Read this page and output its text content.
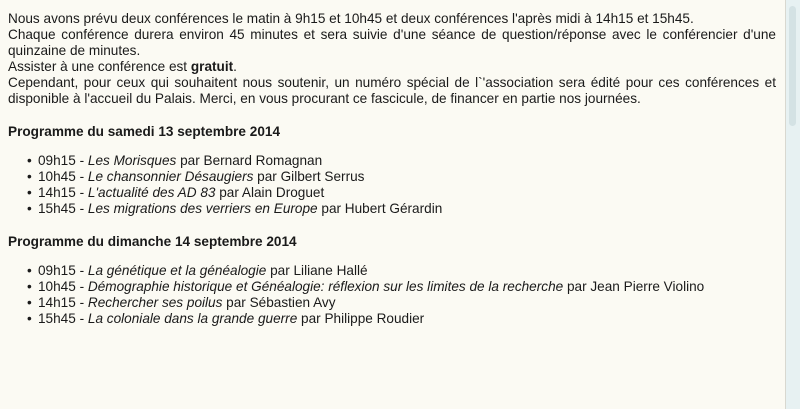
Nous avons prévu deux conférences le matin à 9h15 et 10h45 et deux conférences l'après midi à 14h15 et 15h45.
Chaque conférence durera environ 45 minutes et sera suivie d'une séance de question/réponse avec le conférencier d'une quinzaine de minutes.
Assister à une conférence est gratuit.
Cependant, pour ceux qui souhaitent nous soutenir, un numéro spécial de l`'association sera édité pour ces conférences et disponible à l'accueil du Palais. Merci, en vous procurant ce fascicule, de financer en partie nos journées.

Programme du samedi 13 septembre 2014
• 09h15 - Les Morisques par Bernard Romagnan
• 10h45 - Le chansonnier Désaugiers par Gilbert Serrus
• 14h15 - L'actualité des AD 83 par Alain Droguet
• 15h45 - Les migrations des verriers en Europe par Hubert Gérardin
Programme du dimanche 14 septembre 2014
• 09h15 - La génétique et la généalogie par Liliane Hallé
• 10h45 - Démographie historique et Généalogie: réflexion sur les limites de la recherche par Jean Pierre Violino
• 14h15 - Rechercher ses poilus par Sébastien Avy
• 15h45 - La coloniale dans la grande guerre par Philippe Roudier
